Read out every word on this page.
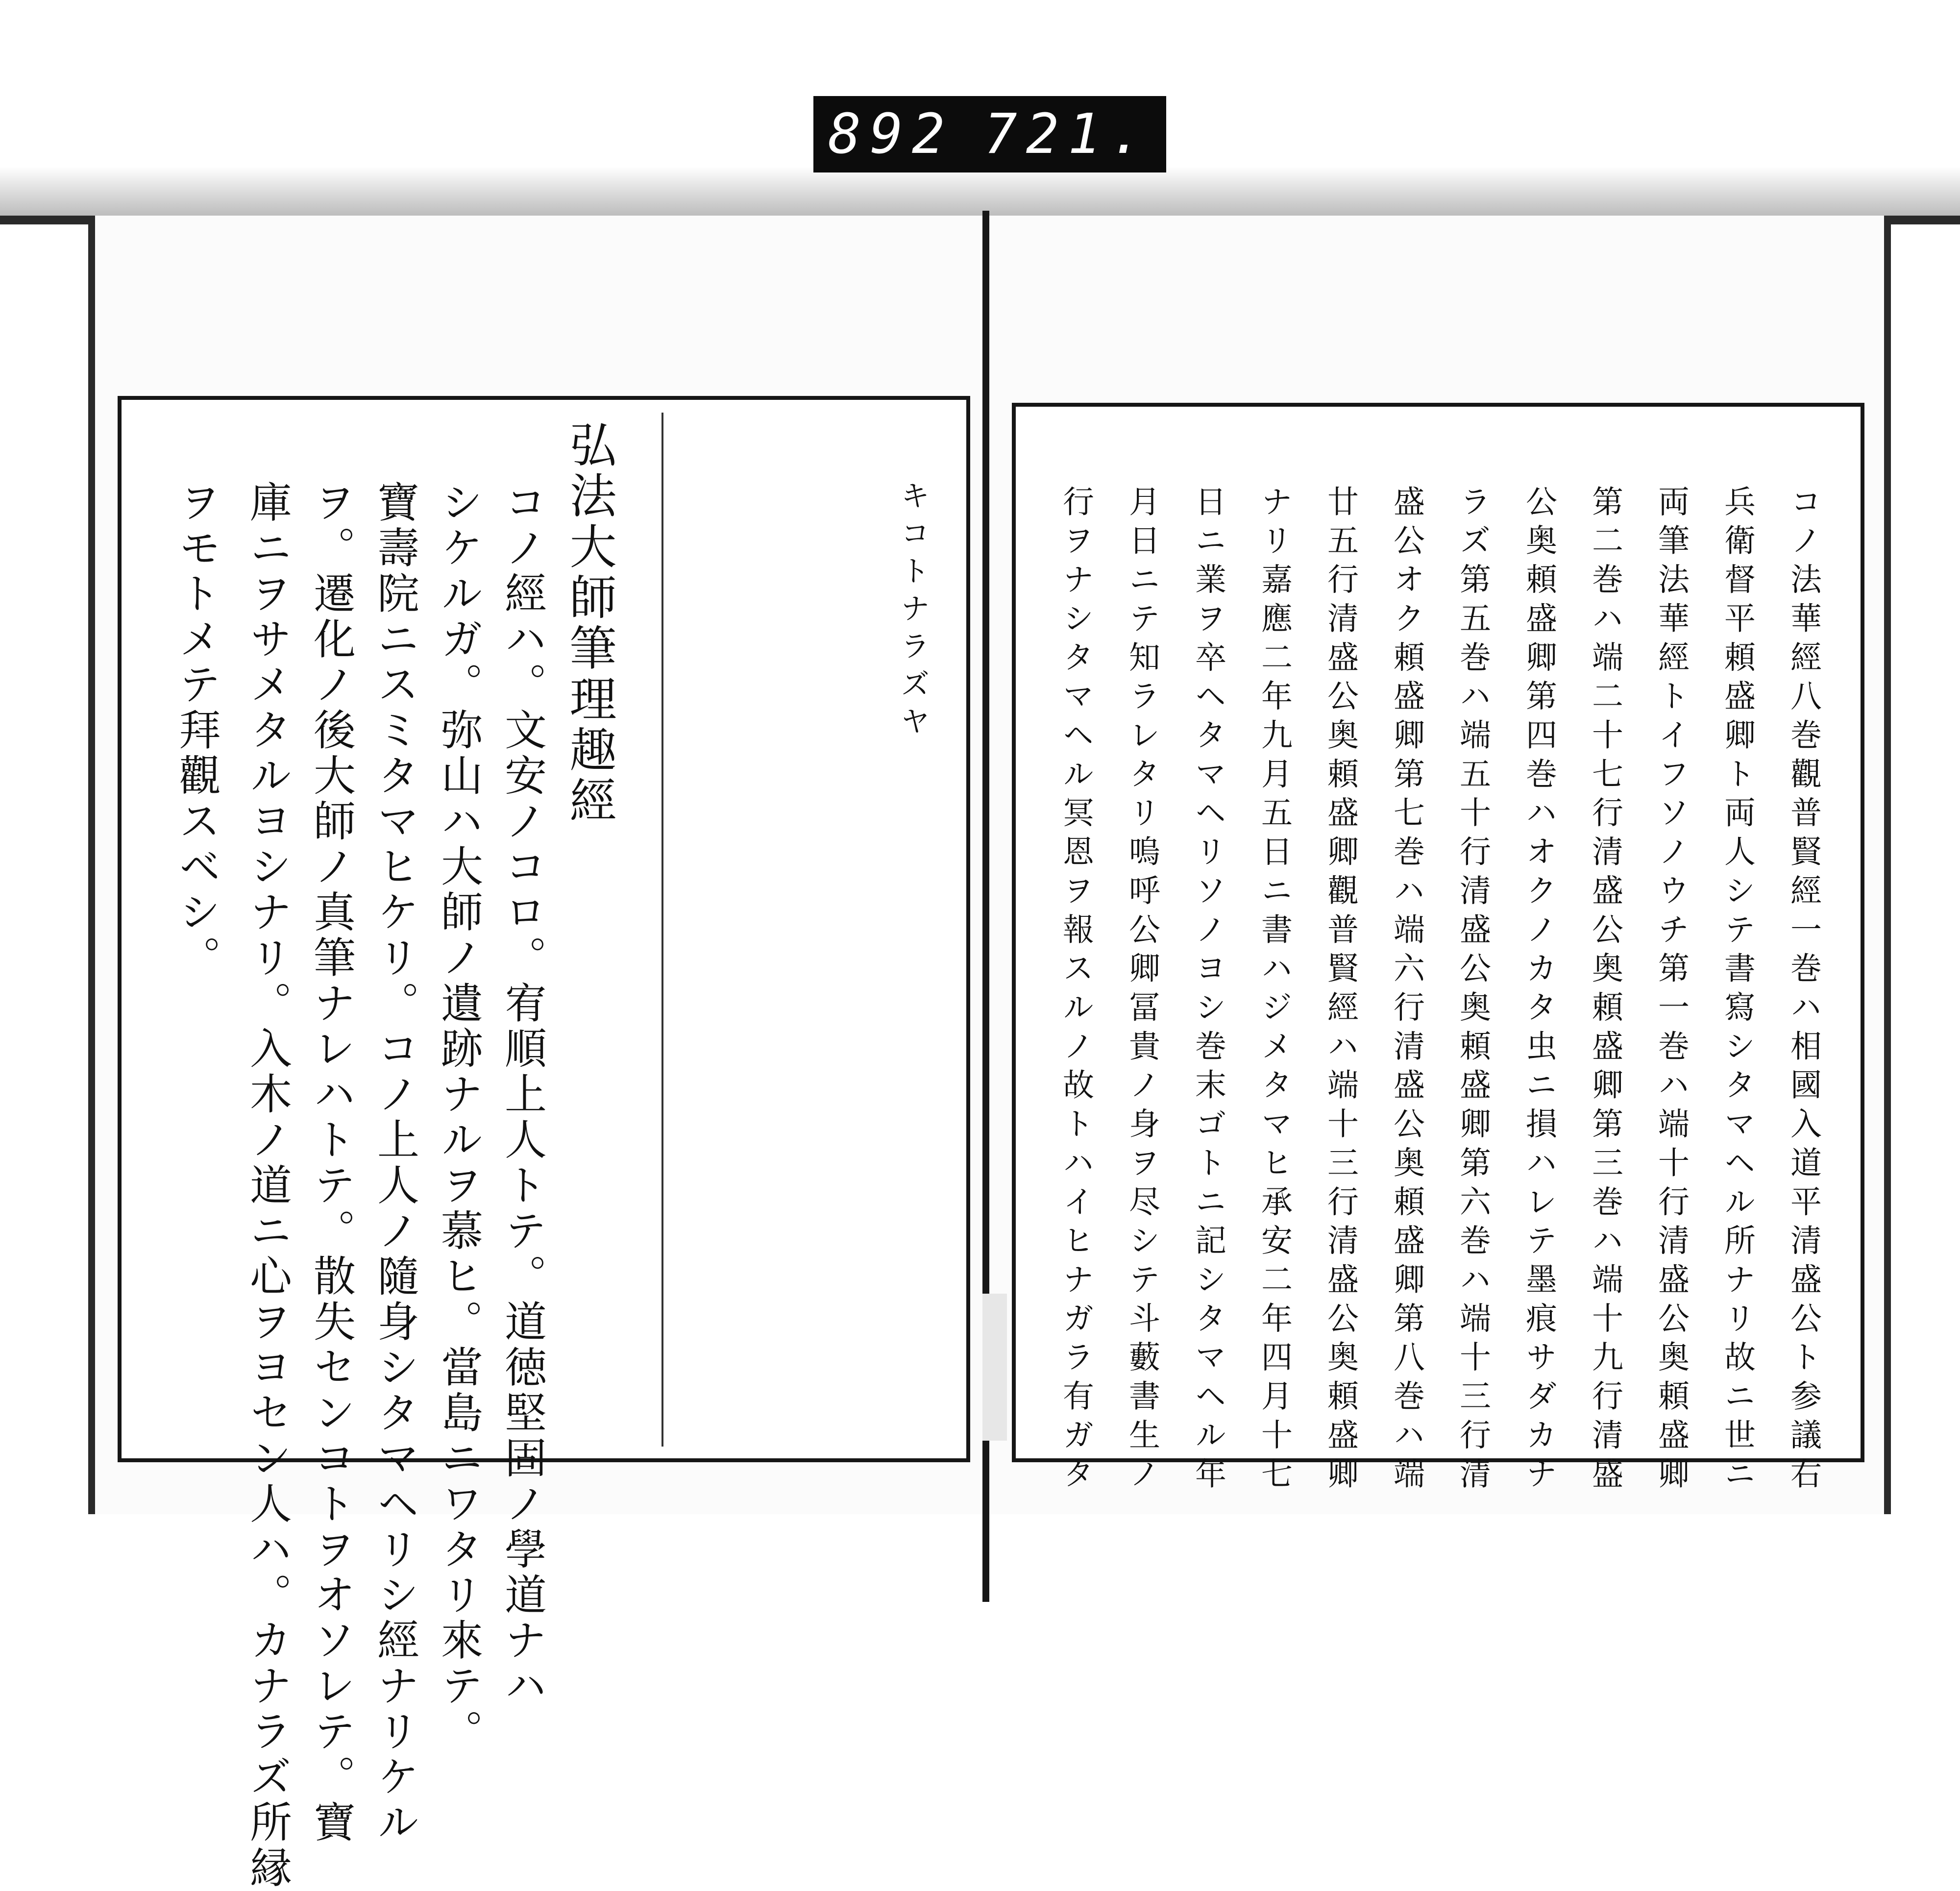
892 721.
キコトナラズヤ
弘法大師筆理趣經
コノ經ハ。文安ノコロ。宥順上人トテ。道徳堅固ノ學道ナハ
シケルガ。弥山ハ大師ノ遺跡ナルヲ慕ヒ。當島ニワタリ來テ。
寶壽院ニスミタマヒケリ。コノ上人ノ隨身シタマヘリシ經ナリケル
ヲ。遷化ノ後大師ノ真筆ナレハトテ。散失センコトヲオソレテ。寶
庫ニヲサメタルヨシナリ。入木ノ道ニ心ヲヨセン人ハ。カナラズ所縁
ヲモトメテ拜觀スベシ。	コノ法華經八巻觀普賢經一巻ハ相國入道平清盛公ト参議右
兵衛督平頼盛卿ト両人シテ書寫シタマヘル所ナリ故ニ世ニ
両筆法華經トイフソノウチ第一巻ハ端十行清盛公奥頼盛卿
第二巻ハ端二十七行清盛公奥頼盛卿第三巻ハ端十九行清盛
公奥頼盛卿第四巻ハオクノカタ虫ニ損ハレテ墨痕サダカナ
ラズ第五巻ハ端五十行清盛公奥頼盛卿第六巻ハ端十三行清
盛公オク頼盛卿第七巻ハ端六行清盛公奥頼盛卿第八巻ハ端
廿五行清盛公奥頼盛卿觀普賢經ハ端十三行清盛公奥頼盛卿
ナリ嘉應二年九月五日ニ書ハジメタマヒ承安二年四月十七
日ニ業ヲ卒ヘタマヘリソノヨシ巻末ゴトニ記シタマヘル年
月日ニテ知ラレタリ嗚呼公卿冨貴ノ身ヲ尽シテ斗藪書生ノ
行ヲナシタマヘル冥恩ヲ報スルノ故トハイヒナガラ有ガタ
